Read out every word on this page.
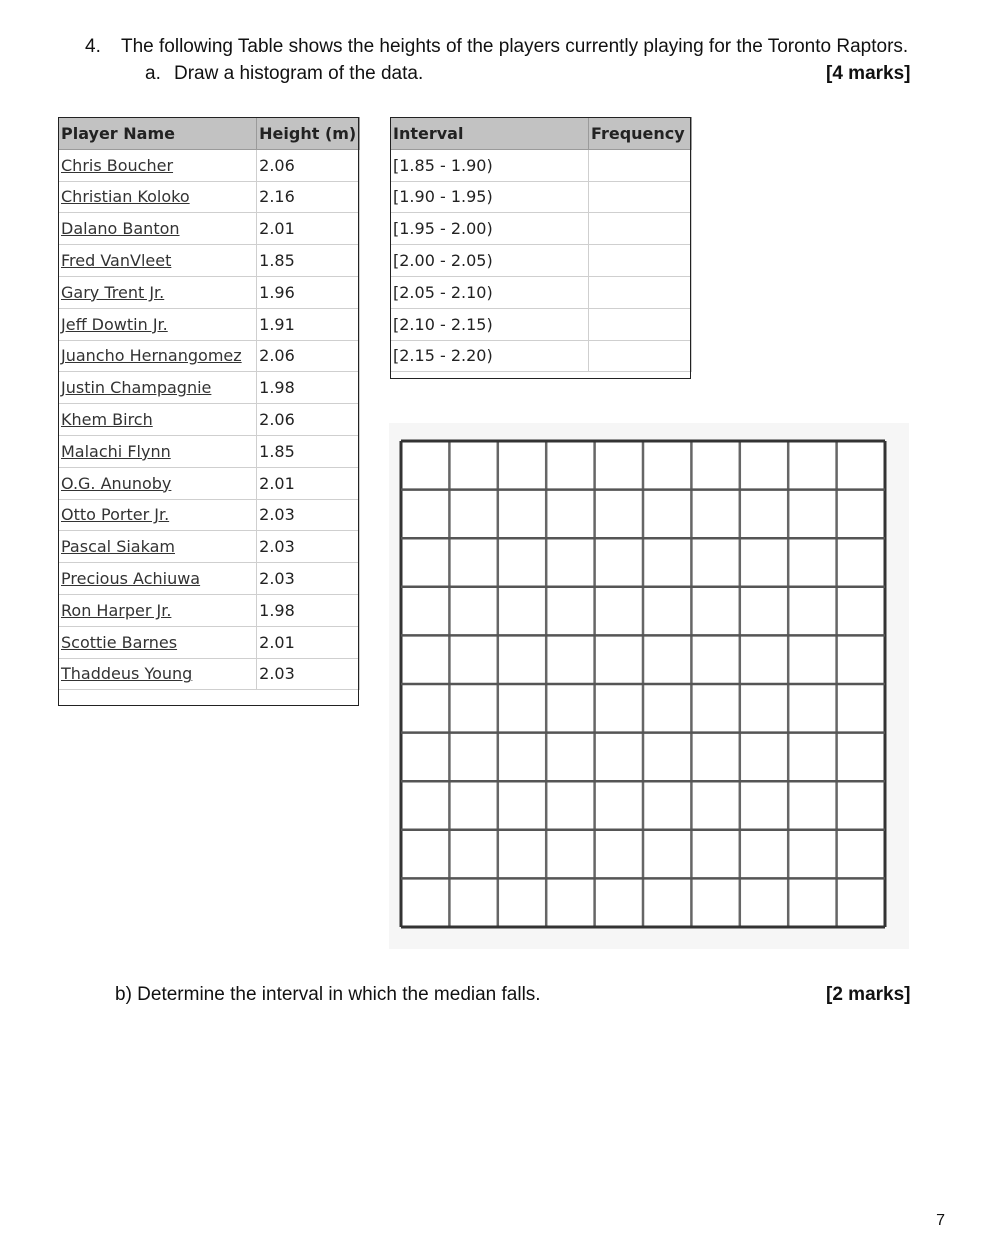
4. The following Table shows the heights of the players currently playing for the Toronto Raptors.
a. Draw a histogram of the data.	[4 marks]
Player Name	Height (m)
Chris Boucher	2.06
Christian Koloko	2.16
Dalano Banton	2.01
Fred VanVleet	1.85
Gary Trent Jr.	1.96
Jeff Dowtin Jr.	1.91
Juancho Hernangomez	2.06
Justin Champagnie	1.98
Khem Birch	2.06
Malachi Flynn	1.85
O.G. Anunoby	2.01
Otto Porter Jr.	2.03
Pascal Siakam	2.03
Precious Achiuwa	2.03
Ron Harper Jr.	1.98
Scottie Barnes	2.01
Thaddeus Young	2.03
Interval	Frequency
[1.85 - 1.90)	
[1.90 - 1.95)	
[1.95 - 2.00)	
[2.00 - 2.05)	
[2.05 - 2.10)	
[2.10 - 2.15)	
[2.15 - 2.20)	
b) Determine the interval in which the median falls.	[2 marks]
7
